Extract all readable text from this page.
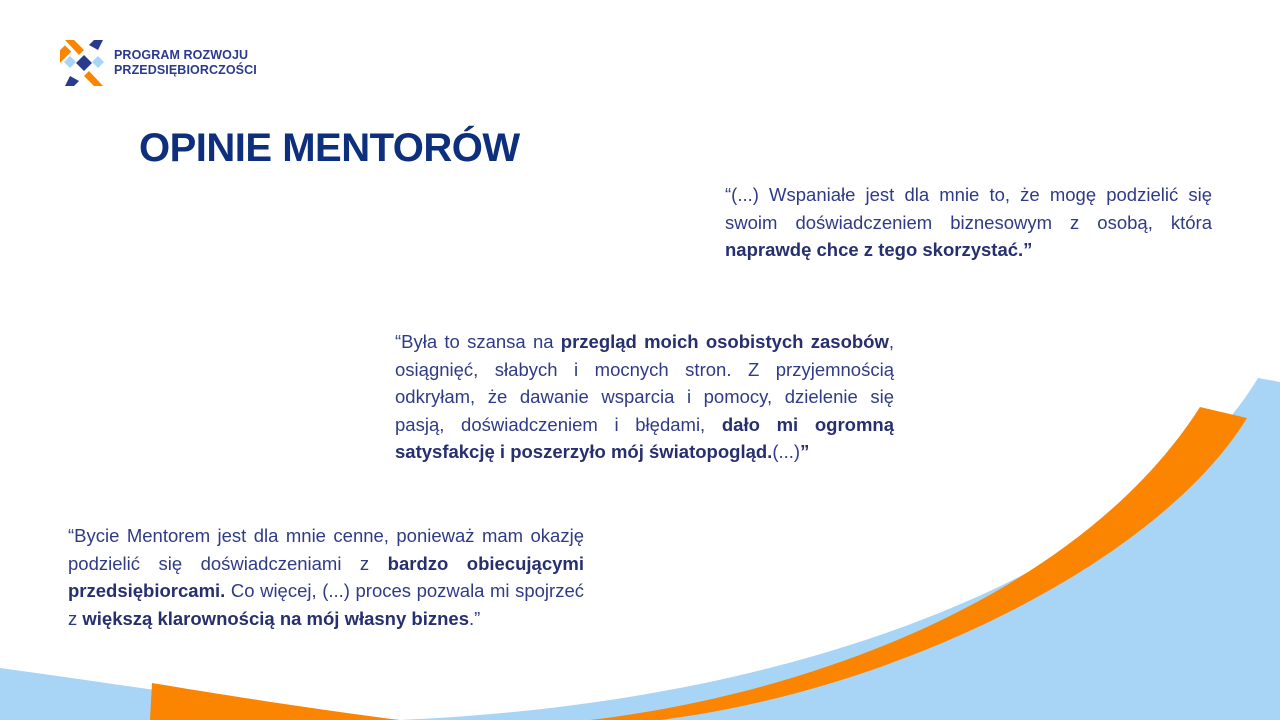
PROGRAM ROZWOJU
PRZEDSIĘBIORCZOŚCI
OPINIE MENTORÓW

“(...) Wspaniałe jest dla mnie to, że mogę podzielić się swoim doświadczeniem biznesowym z osobą, która naprawdę chce z tego skorzystać.”

“Była to szansa na przegląd moich osobistych zasobów, osiągnięć, słabych i mocnych stron. Z przyjemnością odkryłam, że dawanie wsparcia i pomocy, dzielenie się pasją, doświadczeniem i błędami, dało mi ogromną satysfakcję i poszerzyło mój światopogląd.(...)”

“Bycie Mentorem jest dla mnie cenne, ponieważ mam okazję podzielić się doświadczeniami z bardzo obiecującymi przedsiębiorcami. Co więcej, (...) proces pozwala mi spojrzeć z większą klarownością na mój własny biznes.”
